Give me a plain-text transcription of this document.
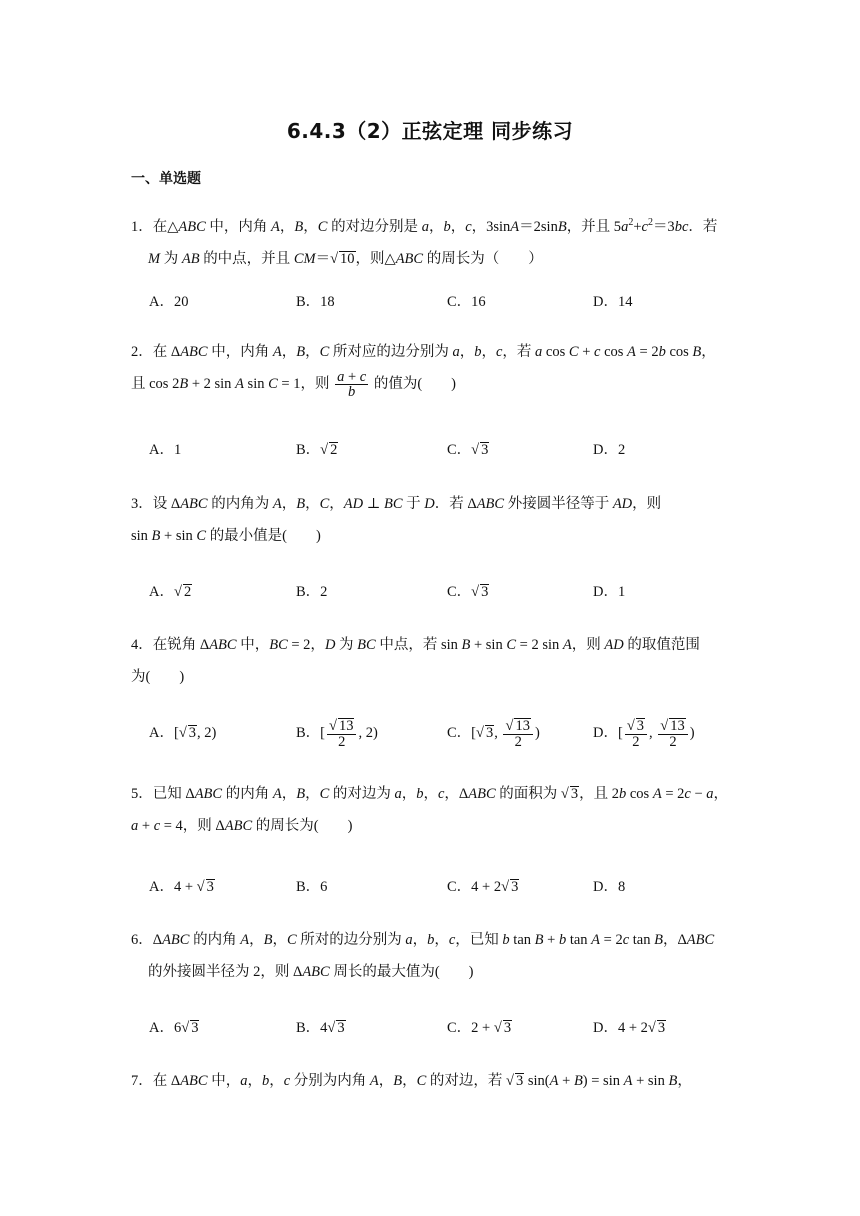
6.4.3（2）正弦定理 同步练习
一、单选题
1．在△ABC 中，内角 A，B，C 的对边分别是 a，b，c，3sinA＝2sinB，并且 $5a^2+c^2=3bc$．若
M 为 AB 的中点，并且 CM＝√ 10，则△ABC 的周长为（　　）
A．20	B．18	C．16	D．14
2．在 ΔABC 中，内角 A，B，C 所对应的边分别为 a，b，c，若 a cos C + c cos A = 2b cos B，
且 cos 2B + 2 sin A sin C = 1，则 $\frac{a + c}{b}$ 的值为(　　)
A．1	B．√ 2	C．√ 3	D．2
3．设 ΔABC 的内角为 A，B，C，AD ⊥ BC 于 D．若 ΔABC 外接圆半径等于 AD，则
sin B + sin C 的最小值是(　　)
A．√ 2	B．2	C．√ 3	D．1
4．在锐角 ΔABC 中，BC = 2，D 为 BC 中点，若 sin B + sin C = 2 sin A，则 AD 的取值范围
为(　　)
A．[√ 3, 2)	B．[ $\frac{√ 13}{2}$ , 2)	C．[√ 3, $\frac{√ 13}{2}$ )	D．[ $\frac{√ 3}{2}$ , $\frac{√ 13}{2}$ )
5．已知 ΔABC 的内角 A，B，C 的对边为 a，b，c，ΔABC 的面积为 √ 3，且 2b cos A = 2c − a，
a + c = 4，则 ΔABC 的周长为(　　)
A．4 + √ 3	B．6	C．4 + 2√ 3	D．8
6．ΔABC 的内角 A，B，C 所对的边分别为 a，b，c，已知 b tan B + b tan A = 2c tan B，ΔABC
的外接圆半径为 2，则 ΔABC 周长的最大值为(　　)
A．6√ 3	B．4√ 3	C．2 + √ 3	D．4 + 2√ 3
7．在 ΔABC 中，a，b，c 分别为内角 A，B，C 的对边，若 √ 3 sin(A + B) = sin A + sin B，
